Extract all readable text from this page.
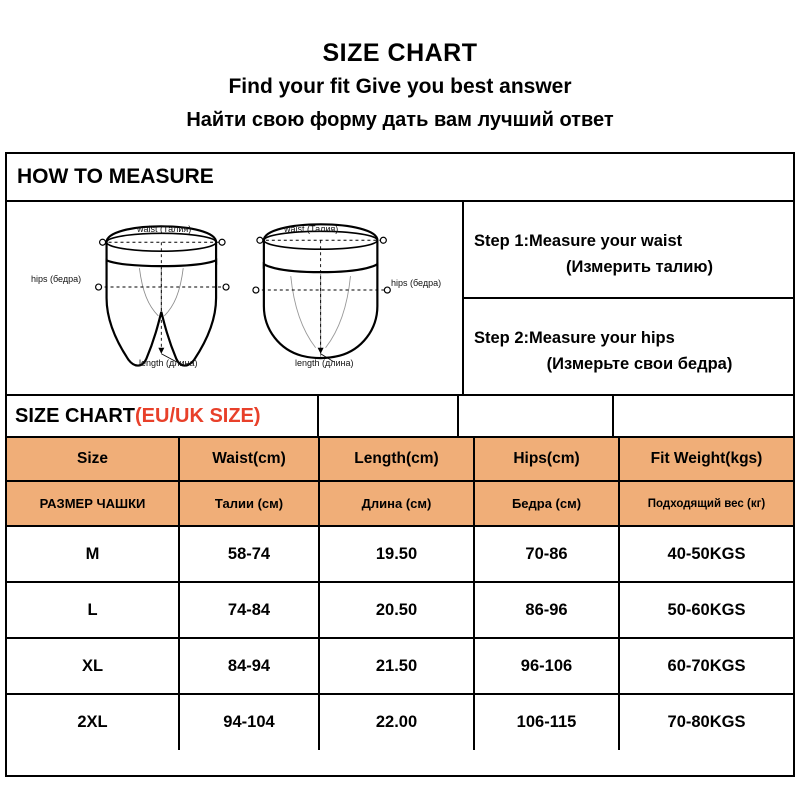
SIZE CHART
Find your fit Give you best answer
Найти свою форму дать вам лучший ответ
HOW TO MEASURE
waist (Талия)	waist (Талия)
hips (бедра)	hips (бедра)
length (длина)	length (длина)
Step 1:Measure your waist
(Измерить талию)
Step 2:Measure your hips
(Измерьте свои бедра)
SIZE CHART (EU/UK SIZE)
Size	Waist(cm)	Length(cm)	Hips(cm)	Fit Weight(kgs)
РАЗМЕР ЧАШКИ	Талии (см)	Длина (см)	Бедра (см)	Подходящий вес (кг)
M	58-74	19.50	70-86	40-50KGS
L	74-84	20.50	86-96	50-60KGS
XL	84-94	21.50	96-106	60-70KGS
2XL	94-104	22.00	106-115	70-80KGS
